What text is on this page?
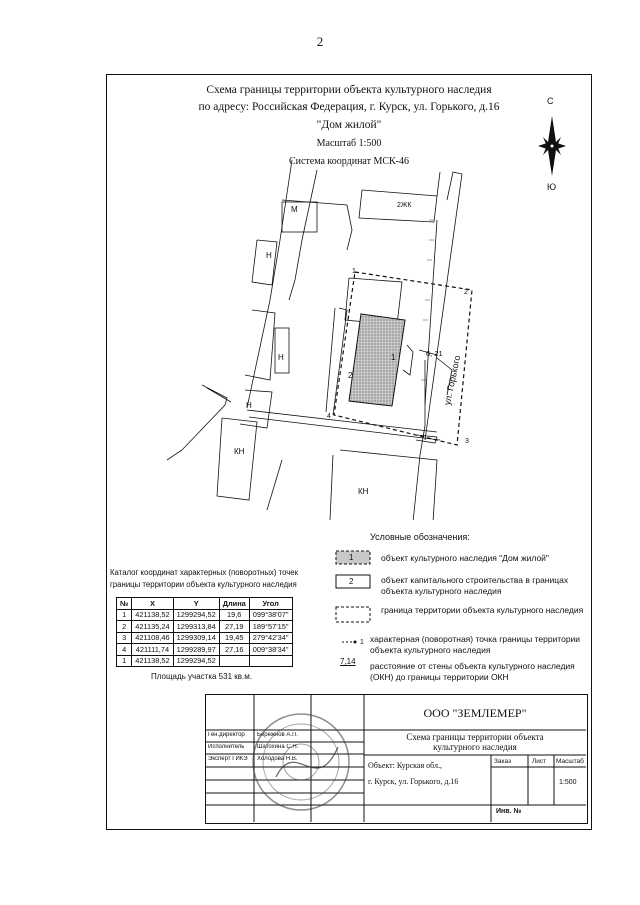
2
Схема границы территории объекта культурного наследия
по адресу: Российская Федерация, г. Курск, ул. Горького, д.16
"Дом жилой"
Масштаб 1:500
Система координат МСК-46
С
Ю
М	2ЖК
Н
Н
Н
КН
КН
1
2
3
4
1
2
6, 21
ул. Горького
Условные обозначения:
1	объект культурного наследия "Дом жилой"
2	объект капитального строительства в границах объекта культурного наследия
граница территории объекта культурного наследия
1 характерная (поворотная) точка границы территории объекта культурного наследия
7,14 расстояние от стены объекта культурного наследия (ОКН) до границы территории ОКН
Каталог координат характерных (поворотных) точек
границы территории объекта культурного наследия
№	X	Y	Длина	Угол
1	421138,52	1299294,52	19,6	099°38'07"
2	421135,24	1299313,84	27,19	189°57'15"
3	421108,46	1299309,14	19,45	279°42'34"
4	421111,74	1299289,97	27,16	009°38'34"
1	421138,52	1299294,52		
Площадь участка 531 кв.м.
ООО "ЗЕМЛЕМЕР"
Схема границы территории объекта
культурного наследия
Объект: Курская обл.,
г. Курск, ул. Горького, д.16
Заказ	Лист Масштаб
1:500
Инв. №
Ген.директор Бережнов А.П.
Исполнитель Шатохина С.Н.
Эксперт ГИКЭ Холодова Н.В.
